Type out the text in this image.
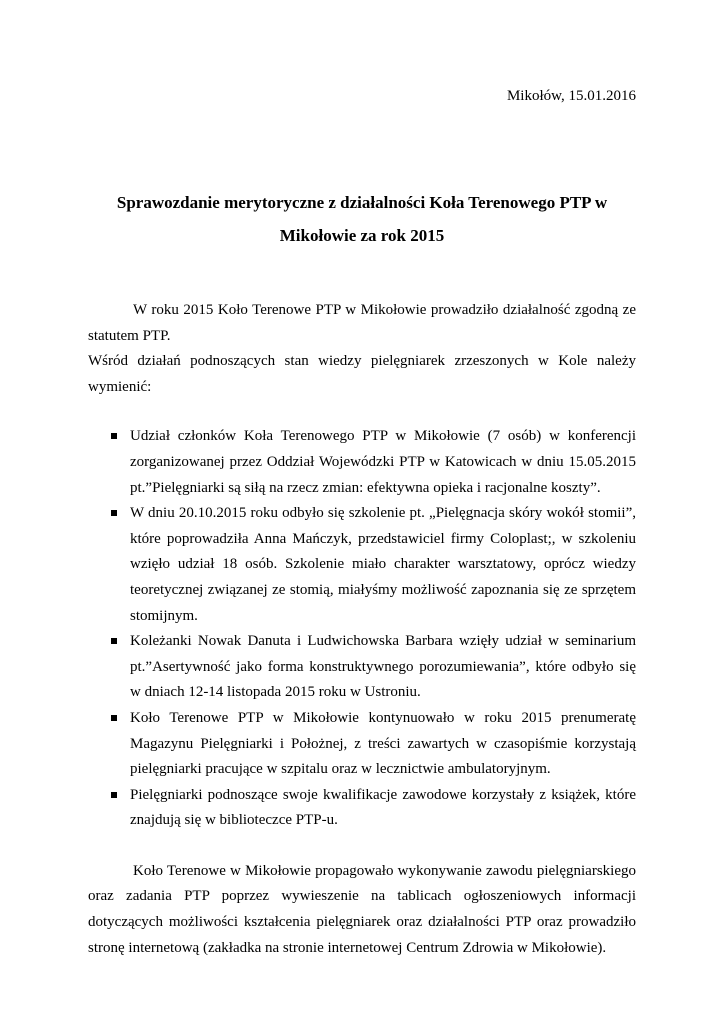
Mikołów, 15.01.2016
Sprawozdanie merytoryczne z działalności Koła Terenowego PTP w Mikołowie za rok 2015

W roku 2015 Koło Terenowe PTP w Mikołowie prowadziło działalność zgodną ze statutem PTP.

Wśród działań podnoszących stan wiedzy pielęgniarek zrzeszonych w Kole należy wymienić:
Udział członków Koła Terenowego PTP w Mikołowie (7 osób) w konferencji zorganizowanej przez Oddział Wojewódzki PTP w Katowicach w dniu 15.05.2015 pt.”Pielęgniarki są siłą na rzecz zmian: efektywna opieka i racjonalne koszty”.
W dniu 20.10.2015 roku odbyło się szkolenie pt. „Pielęgnacja skóry wokół stomii”, które poprowadziła Anna Mańczyk, przedstawiciel firmy Coloplast;, w szkoleniu wzięło udział 18 osób. Szkolenie miało charakter warsztatowy, oprócz wiedzy teoretycznej związanej ze stomią, miałyśmy możliwość zapoznania się ze sprzętem stomijnym.
Koleżanki Nowak Danuta i Ludwichowska Barbara wzięły udział w seminarium pt.”Asertywność jako forma konstruktywnego porozumiewania”, które odbyło się w dniach 12-14 listopada 2015 roku w Ustroniu.
Koło Terenowe PTP w Mikołowie kontynuowało w roku 2015 prenumeratę Magazynu Pielęgniarki i Położnej, z treści zawartych w czasopiśmie korzystają pielęgniarki pracujące w szpitalu oraz w lecznictwie ambulatoryjnym.
Pielęgniarki podnoszące swoje kwalifikacje zawodowe korzystały z książek, które znajdują się w biblioteczce PTP-u.

Koło Terenowe w Mikołowie propagowało wykonywanie zawodu pielęgniarskiego oraz zadania PTP poprzez wywieszenie na tablicach ogłoszeniowych informacji dotyczących możliwości kształcenia pielęgniarek oraz działalności PTP oraz prowadziło stronę internetową (zakładka na stronie internetowej Centrum Zdrowia w Mikołowie).
